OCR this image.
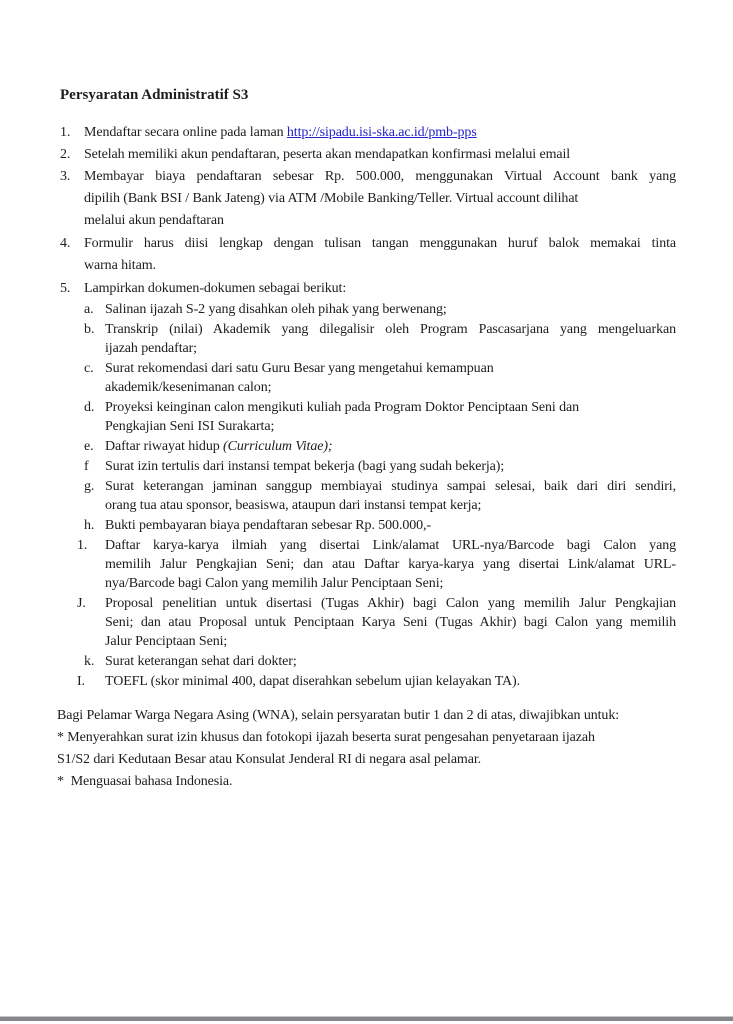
Persyaratan Administratif S3
1. Mendaftar secara online pada laman http://sipadu.isi-ska.ac.id/pmb-pps
2. Setelah memiliki akun pendaftaran, peserta akan mendapatkan konfirmasi melalui email
3. Membayar biaya pendaftaran sebesar Rp. 500.000, menggunakan Virtual Account bank yang
dipilih (Bank BSI / Bank Jateng) via ATM /Mobile Banking/Teller. Virtual account dilihat
melalui akun pendaftaran
4. Formulir harus diisi lengkap dengan tulisan tangan menggunakan huruf balok memakai tinta
warna hitam.
5. Lampirkan dokumen-dokumen sebagai berikut:
a. Salinan ijazah S-2 yang disahkan oleh pihak yang berwenang;
b. Transkrip (nilai) Akademik yang dilegalisir oleh Program Pascasarjana yang mengeluarkan
ijazah pendaftar;
c. Surat rekomendasi dari satu Guru Besar yang mengetahui kemampuan
akademik/kesenimanan calon;
d. Proyeksi keinginan calon mengikuti kuliah pada Program Doktor Penciptaan Seni dan
Pengkajian Seni ISI Surakarta;
e. Daftar riwayat hidup (Curriculum Vitae);
f	Surat izin tertulis dari instansi tempat bekerja (bagi yang sudah bekerja);
g. Surat keterangan jaminan sanggup membiayai studinya sampai selesai, baik dari diri sendiri,
orang tua atau sponsor, beasiswa, ataupun dari instansi tempat kerja;
h. Bukti pembayaran biaya pendaftaran sebesar Rp. 500.000,-
1.	Daftar karya-karya ilmiah yang disertai Link/alamat URL-nya/Barcode bagi Calon yang
memilih Jalur Pengkajian Seni; dan atau Daftar karya-karya yang disertai Link/alamat URL-
nya/Barcode bagi Calon yang memilih Jalur Penciptaan Seni;
J.	Proposal penelitian untuk disertasi (Tugas Akhir) bagi Calon yang memilih Jalur Pengkajian
Seni; dan atau Proposal untuk Penciptaan Karya Seni (Tugas Akhir) bagi Calon yang memilih
Jalur Penciptaan Seni;
k. Surat keterangan sehat dari dokter;
I.	TOEFL (skor minimal 400, dapat diserahkan sebelum ujian kelayakan TA).
Bagi Pelamar Warga Negara Asing (WNA), selain persyaratan butir 1 dan 2 di atas, diwajibkan untuk:
* Menyerahkan surat izin khusus dan fotokopi ijazah beserta surat pengesahan penyetaraan ijazah
S1/S2 dari Kedutaan Besar atau Konsulat Jenderal RI di negara asal pelamar.
*  Menguasai bahasa Indonesia.
